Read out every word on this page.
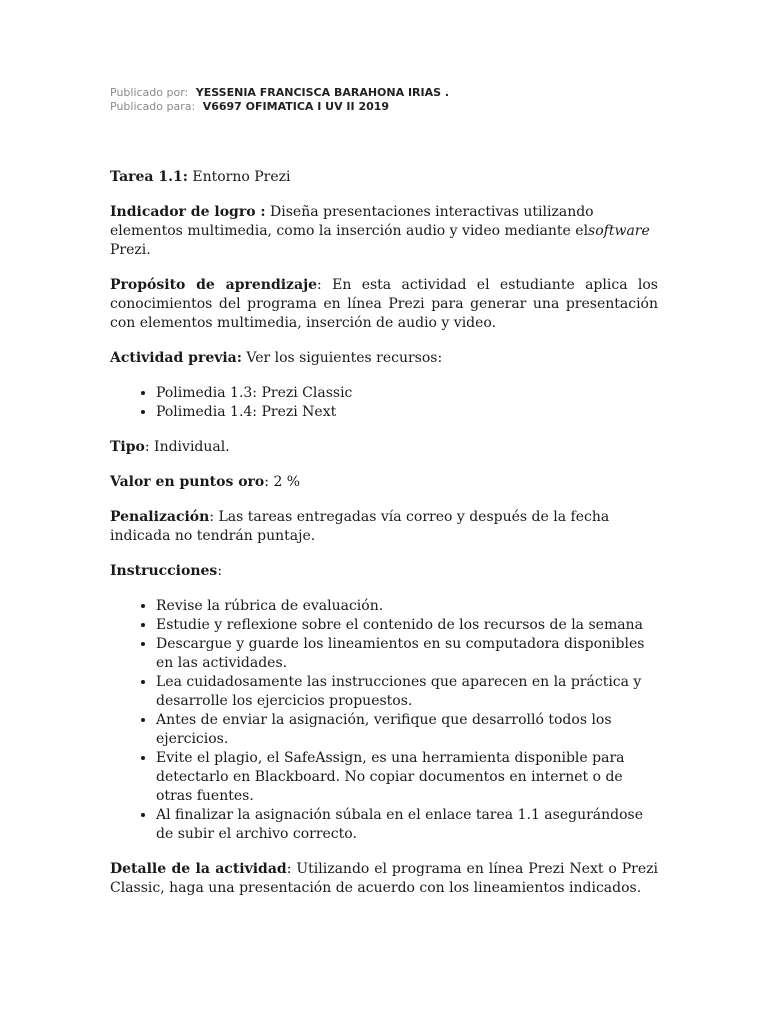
Publicado por: YESSENIA FRANCISCA BARAHONA IRIAS .
Publicado para: V6697 OFIMATICA I UV II 2019

Tarea 1.1: Entorno Prezi

Indicador de logro : Diseña presentaciones interactivas utilizando elementos multimedia, como la inserción audio y video mediante elsoftware Prezi.

Propósito de aprendizaje: En esta actividad el estudiante aplica los conocimientos del programa en línea Prezi para generar una presentación con elementos multimedia, inserción de audio y video.

Actividad previa: Ver los siguientes recursos:

• Polimedia 1.3: Prezi Classic
• Polimedia 1.4: Prezi Next

Tipo: Individual.

Valor en puntos oro: 2 %

Penalización: Las tareas entregadas vía correo y después de la fecha indicada no tendrán puntaje.

Instrucciones:

• Revise la rúbrica de evaluación.
• Estudie y reflexione sobre el contenido de los recursos de la semana
• Descargue y guarde los lineamientos en su computadora disponibles en las actividades.
• Lea cuidadosamente las instrucciones que aparecen en la práctica y desarrolle los ejercicios propuestos.
• Antes de enviar la asignación, verifique que desarrolló todos los ejercicios.
• Evite el plagio, el SafeAssign, es una herramienta disponible para detectarlo en Blackboard. No copiar documentos en internet o de otras fuentes.
• Al finalizar la asignación súbala en el enlace tarea 1.1 asegurándose de subir el archivo correcto.

Detalle de la actividad: Utilizando el programa en línea Prezi Next o Prezi Classic, haga una presentación de acuerdo con los lineamientos indicados.
